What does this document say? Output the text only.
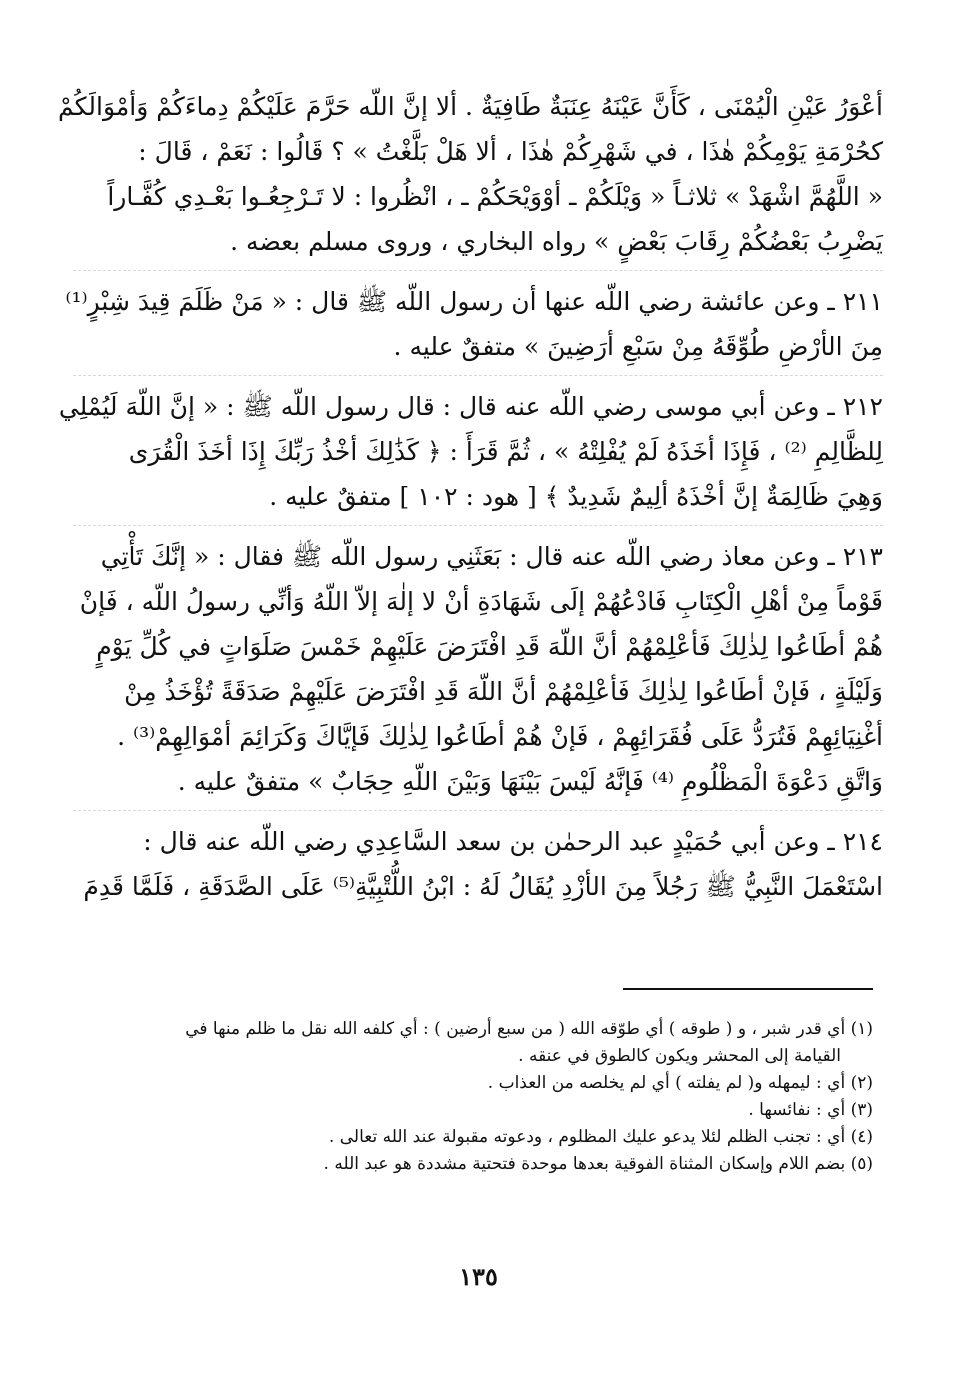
أعْوَرُ عَيْنِ الْيُمْنَى ، كَأَنَّ عَيْنَهُ عِنَبَةٌ طَافِيَةٌ . ألا إنَّ اللّه حَرَّمَ عَلَيْكُمْ دِماءَكُمْ وَأمْوَالَكُمْ
كحُرْمَةِ يَوْمِكُمْ هٰذَا ، في شَهْرِكُمْ هٰذَا ، ألا هَلْ بَلَّغْتُ » ؟ قَالُوا : نَعَمْ ، قَالَ :
« اللَّهُمَّ اشْهَدْ » ثلاثـاً « وَيْلَكُمْ ـ أوْوَيْحَكُمْ ـ ، انْظُروا : لا تَـرْجِعُـوا بَعْـدِي كُفَّـاراً
يَضْرِبُ بَعْضُكُمْ رِقَابَ بَعْضٍ » رواه البخاري ، وروى مسلم بعضه .
٢١١ ـ وعن عائشة رضي اللّه عنها أن رسول اللّه ﷺ قال : « مَنْ ظَلَمَ قِيدَ شِبْرٍ⁽¹⁾
مِنَ الأرْضِ طُوِّقَهُ مِنْ سَبْعِ أرَضِينَ » متفقٌ عليه .
٢١٢ ـ وعن أبي موسى رضي اللّه عنه قال : قال رسول اللّه ﷺ : « إنَّ اللّهَ لَيُمْلِي
لِلظَّالِمِ ⁽²⁾ ، فَإِذَا أخَذَهُ لَمْ يُفْلِتْهُ » ، ثُمَّ قَرَأَ : ﴿ كَذَٰلِكَ أخْذُ رَبِّكَ إِذَا أخَذَ الْقُرَى
وَهِيَ ظَالِمَةٌ إنَّ أخْذَهُ ألِيمٌ شَدِيدٌ ﴾ [ هود : ١٠٢ ] متفقٌ عليه .
٢١٣ ـ وعن معاذ رضي اللّه عنه قال : بَعَثَنِي رسول اللّه ﷺ فقال : « إنَّكَ تَأْتِي
قَوْماً مِنْ أهْلِ الْكِتَابِ فَادْعُهُمْ إلَى شَهَادَةِ أنْ لا إلٰهَ إلاّ اللّهُ وَأنِّي رسولُ اللّه ، فَإنْ
هُمْ أطَاعُوا لِذٰلِكَ فَأعْلِمْهُمْ أنَّ اللّهَ قَدِ افْتَرَضَ عَلَيْهِمْ خَمْسَ صَلَوَاتٍ في كُلِّ يَوْمٍ
وَلَيْلَةٍ ، فَإنْ أطَاعُوا لِذٰلِكَ فَأعْلِمْهُمْ أنَّ اللّهَ قَدِ افْتَرَضَ عَلَيْهِمْ صَدَقَةً تُؤْخَذُ مِنْ
أغْنِيَائِهِمْ فَتُرَدُّ عَلَى فُقَرَائِهِمْ ، فَإنْ هُمْ أطَاعُوا لِذٰلِكَ فَإيَّاكَ وَكَرَائِمَ أمْوَالِهِمْ⁽³⁾ .
وَاتَّقِ دَعْوَةَ الْمَظْلُومِ ⁽⁴⁾ فَإنَّهُ لَيْسَ بَيْنَهَا وَبَيْنَ اللّهِ حِجَابٌ » متفقٌ عليه .
٢١٤ ـ وعن أبي حُمَيْدٍ عبد الرحمٰن بن سعد السَّاعِدِي رضي اللّه عنه قال :
اسْتَعْمَلَ النَّبِيُّ ﷺ رَجُلاً مِنَ الأزْدِ يُقَالُ لَهُ : ابْنُ اللُّتْبِيَّةِ⁽⁵⁾ عَلَى الصَّدَقَةِ ، فَلَمَّا قَدِمَ
(١) أي قدر شبر ، و ( طوقه ) أي طوّقه الله ( من سبع أرضين ) : أي كلفه الله نقل ما ظلم منها في
القيامة إلى المحشر ويكون كالطوق في عنقه .
(٢) أي : ليمهله و( لم يفلته ) أي لم يخلصه من العذاب .
(٣) أي : نفائسها .
(٤) أي : تجنب الظلم لئلا يدعو عليك المظلوم ، ودعوته مقبولة عند الله تعالى .
(٥) بضم اللام وإسكان المثناة الفوقية بعدها موحدة فتحتية مشددة هو عبد الله .
١٣٥
